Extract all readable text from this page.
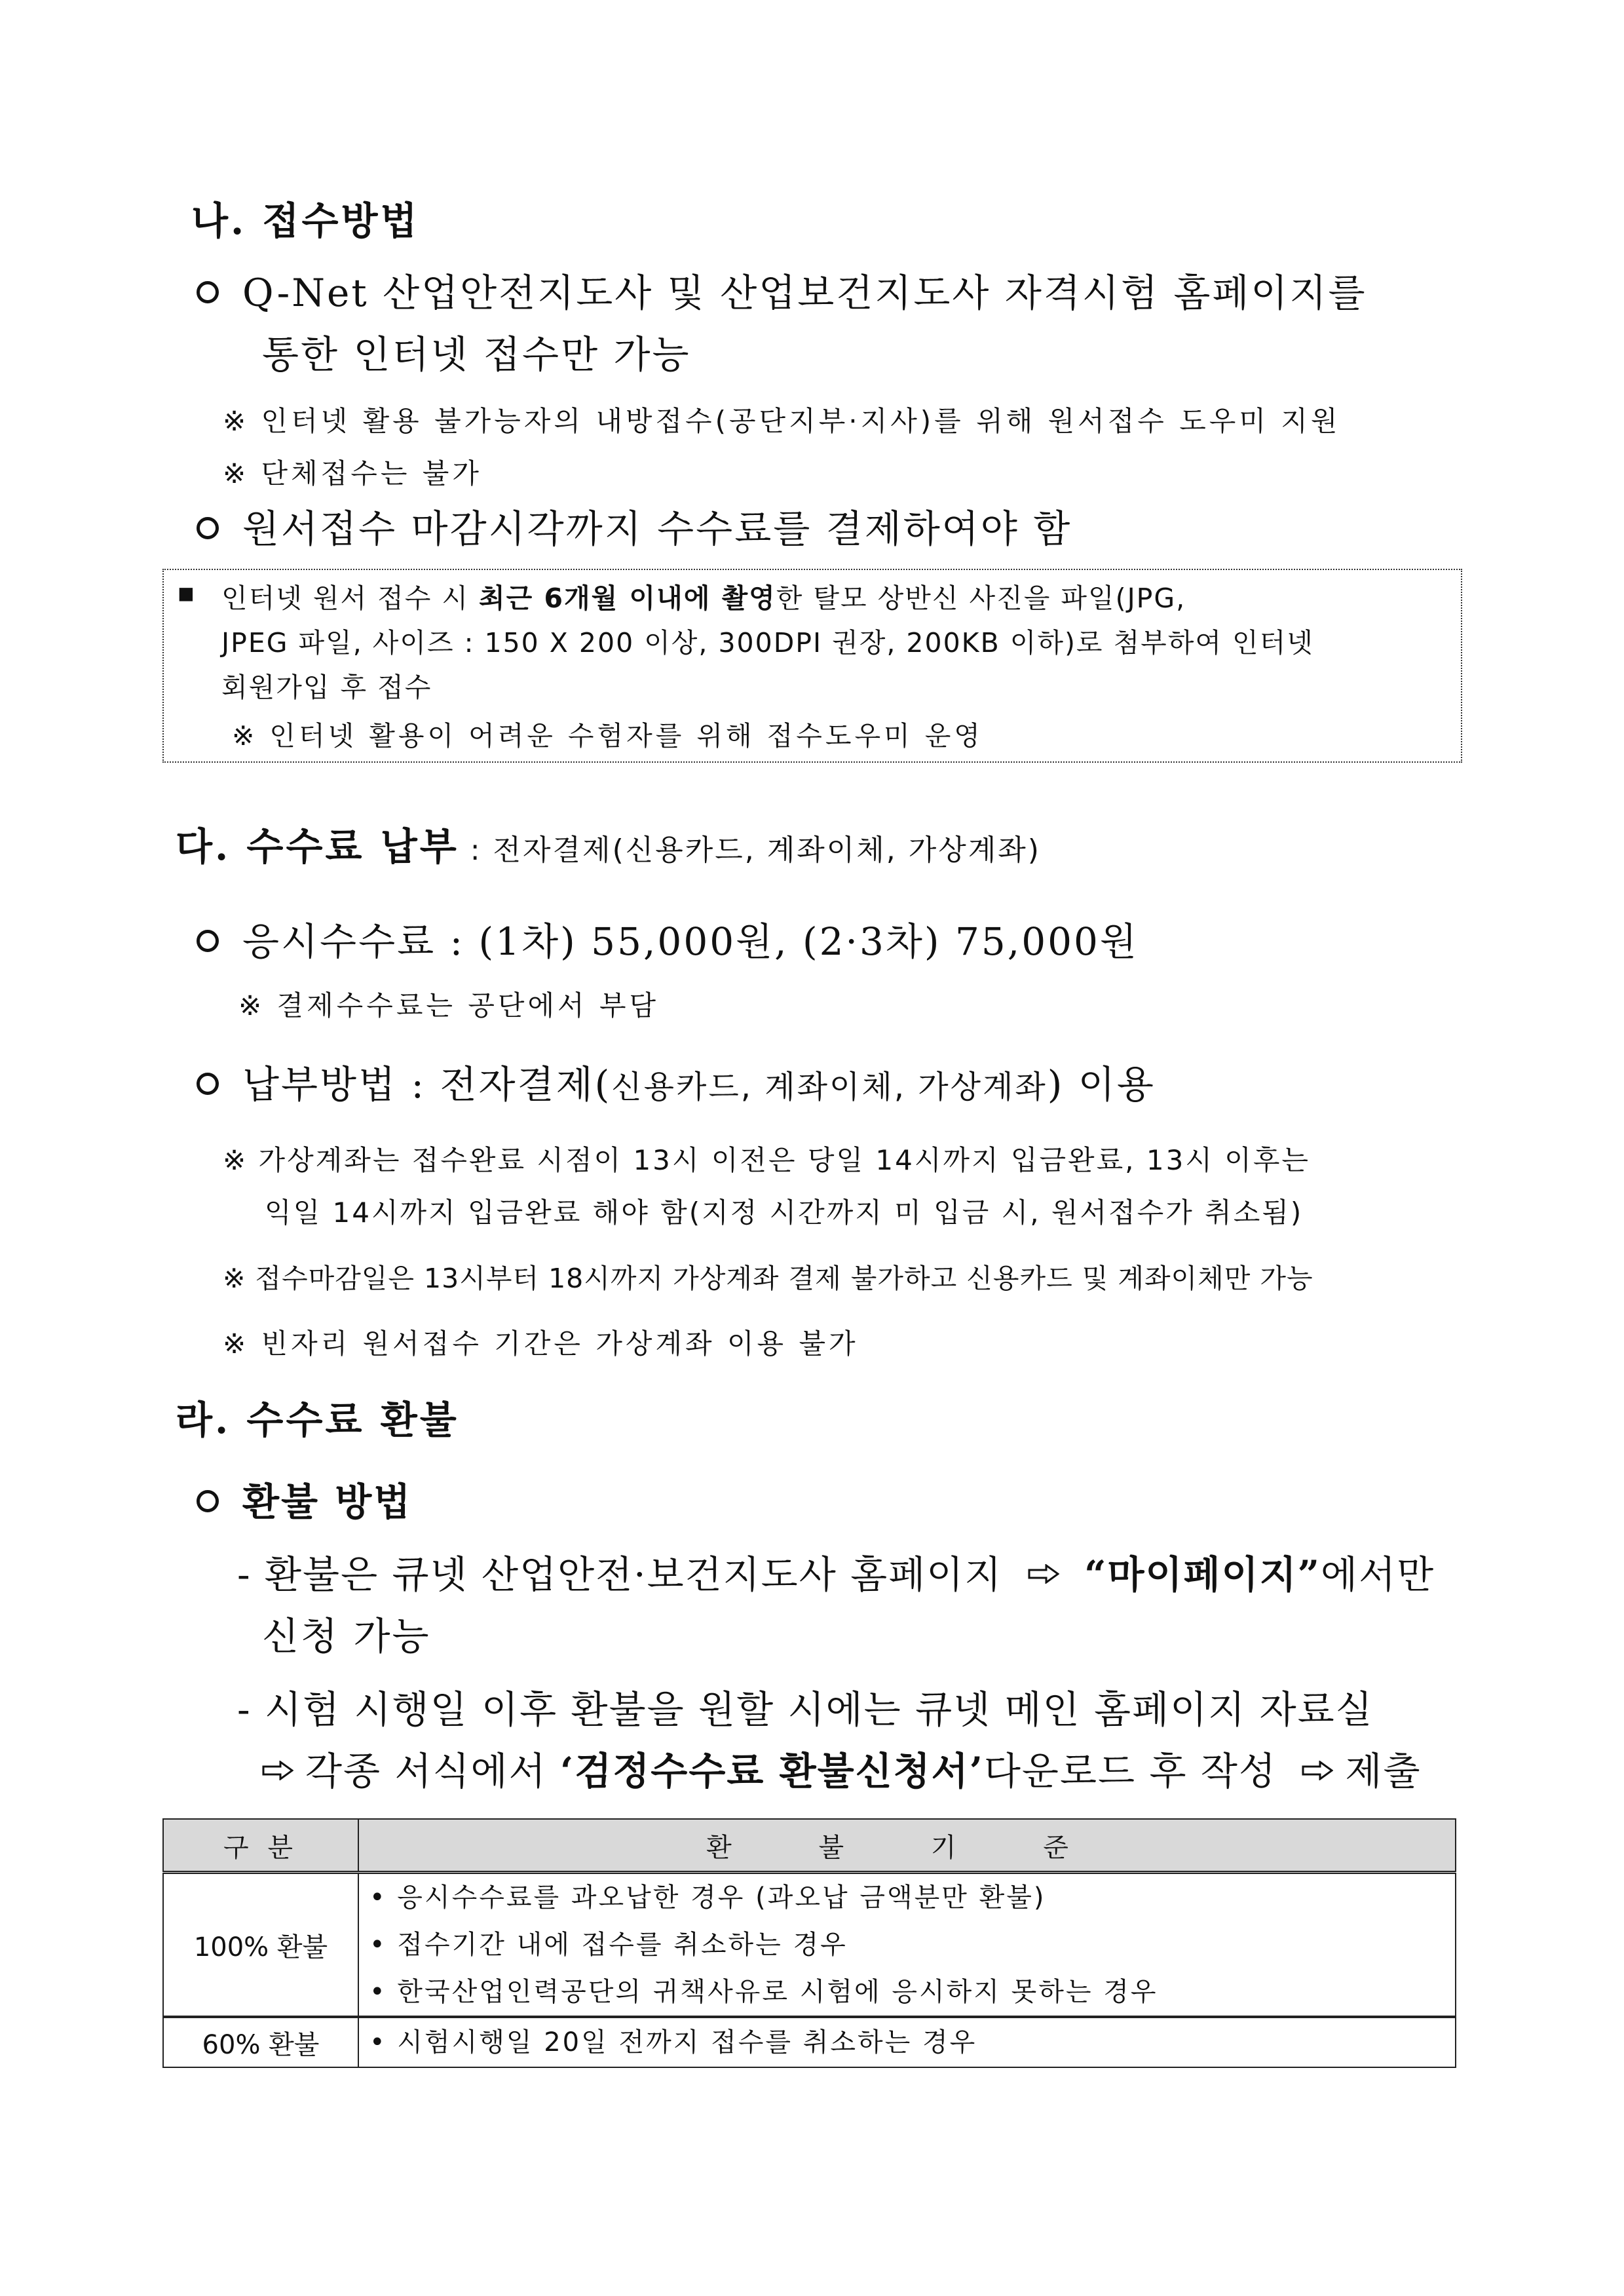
나. 접수방법
Q-Net 산업안전지도사 및 산업보건지도사 자격시험 홈페이지를
통한 인터넷 접수만 가능
※ 인터넷 활용 불가능자의 내방접수(공단지부·지사)를 위해 원서접수 도우미 지원
※ 단체접수는 불가
원서접수 마감시각까지 수수료를 결제하여야 함
▪ 인터넷 원서 접수 시 최근 6개월 이내에 촬영한 탈모 상반신 사진을 파일(JPG,
JPEG 파일, 사이즈 : 150 X 200 이상, 300DPI 권장, 200KB 이하)로 첨부하여 인터넷
회원가입 후 접수
※ 인터넷 활용이 어려운 수험자를 위해 접수도우미 운영
다. 수수료 납부 : 전자결제(신용카드, 계좌이체, 가상계좌)
응시수수료 : (1차) 55,000원, (2·3차) 75,000원
※ 결제수수료는 공단에서 부담
납부방법 : 전자결제(신용카드, 계좌이체, 가상계좌) 이용
※ 가상계좌는 접수완료 시점이 13시 이전은 당일 14시까지 입금완료, 13시 이후는
익일 14시까지 입금완료 해야 함(지정 시간까지 미 입금 시, 원서접수가 취소됨)
※ 접수마감일은 13시부터 18시까지 가상계좌 결제 불가하고 신용카드 및 계좌이체만 가능
※ 빈자리 원서접수 기간은 가상계좌 이용 불가
라. 수수료 환불
환불 방법
- 환불은 큐넷 산업안전·보건지도사 홈페이지 “마이페이지”에서만
신청 가능
- 시험 시행일 이후 환불을 원할 시에는 큐넷 메인 홈페이지 자료실
각종 서식에서 ‘검정수수료 환불신청서’다운로드 후 작성 제출
구 분	환 불 기 준
100% 환불	• 응시수수료를 과오납한 경우 (과오납 금액분만 환불)
• 접수기간 내에 접수를 취소하는 경우
• 한국산업인력공단의 귀책사유로 시험에 응시하지 못하는 경우

60% 환불	• 시험시행일 20일 전까지 접수를 취소하는 경우
